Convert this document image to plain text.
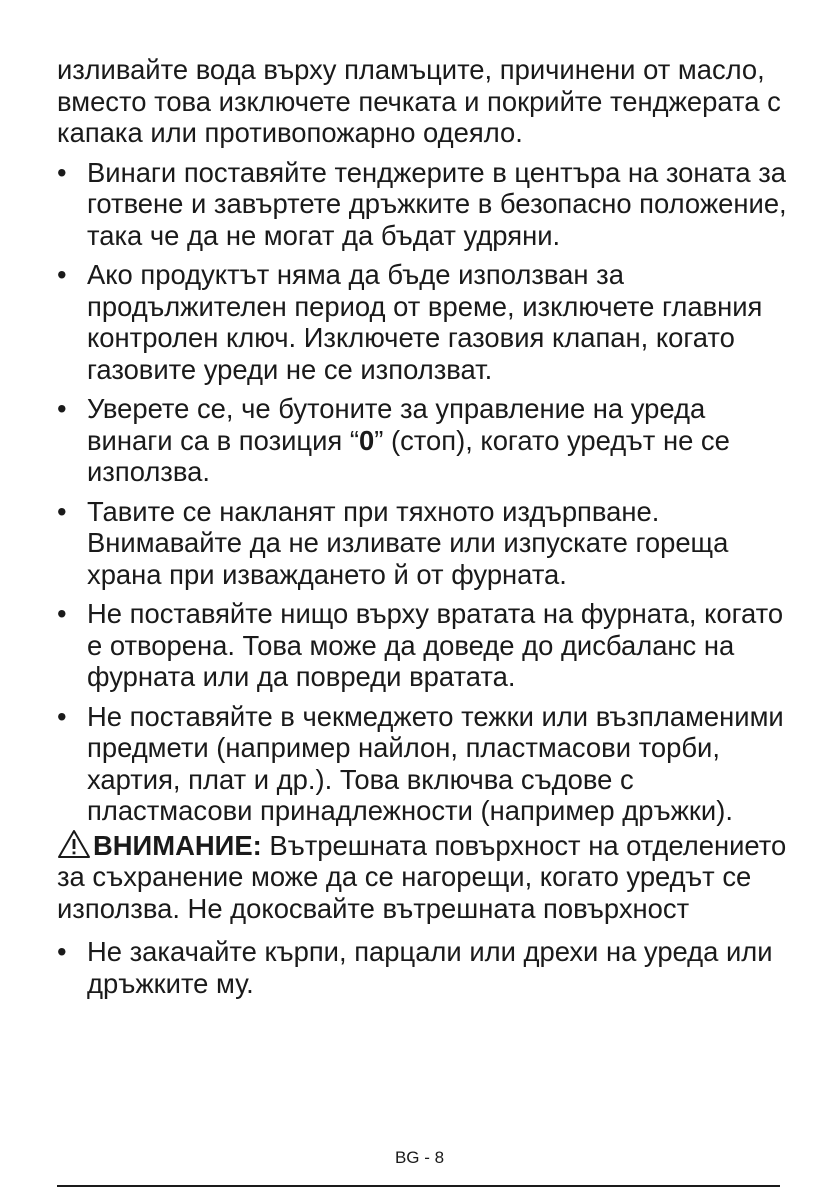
изливайте вода върху пламъците, причинени от масло, вместо това изключете печката и покрийте тенджерата с капака или противопожарно одеяло.

• Винаги поставяйте тенджерите в центъра на зоната за готвене и завъртете дръжките в безопасно положение, така че да не могат да бъдат удряни.
• Ако продуктът няма да бъде използван за продължителен период от време, изключете главния контролен ключ. Изключете газовия клапан, когато газовите уреди не се използват.
• Уверете се, че бутоните за управление на уреда винаги са в позиция “0” (стоп), когато уредът не се използва.
• Тавите се накланят при тяхното издърпване. Внимавайте да не изливате или изпускате гореща храна при изваждането й от фурната.
• Не поставяйте нищо върху вратата на фурната, когато е отворена. Това може да доведе до дисбаланс на фурната или да повреди вратата.
• Не поставяйте в чекмеджето тежки или възпламеними предмети (например найлон, пластмасови торби, хартия, плат и др.). Това включва съдове с пластмасови принадлежности (например дръжки).

ВНИМАНИЕ: Вътрешната повърхност на отделението за съхранение може да се нагорещи, когато уредът се използва. Не докосвайте вътрешната повърхност

• Не закачайте кърпи, парцали или дрехи на уреда или дръжките му.
BG - 8
